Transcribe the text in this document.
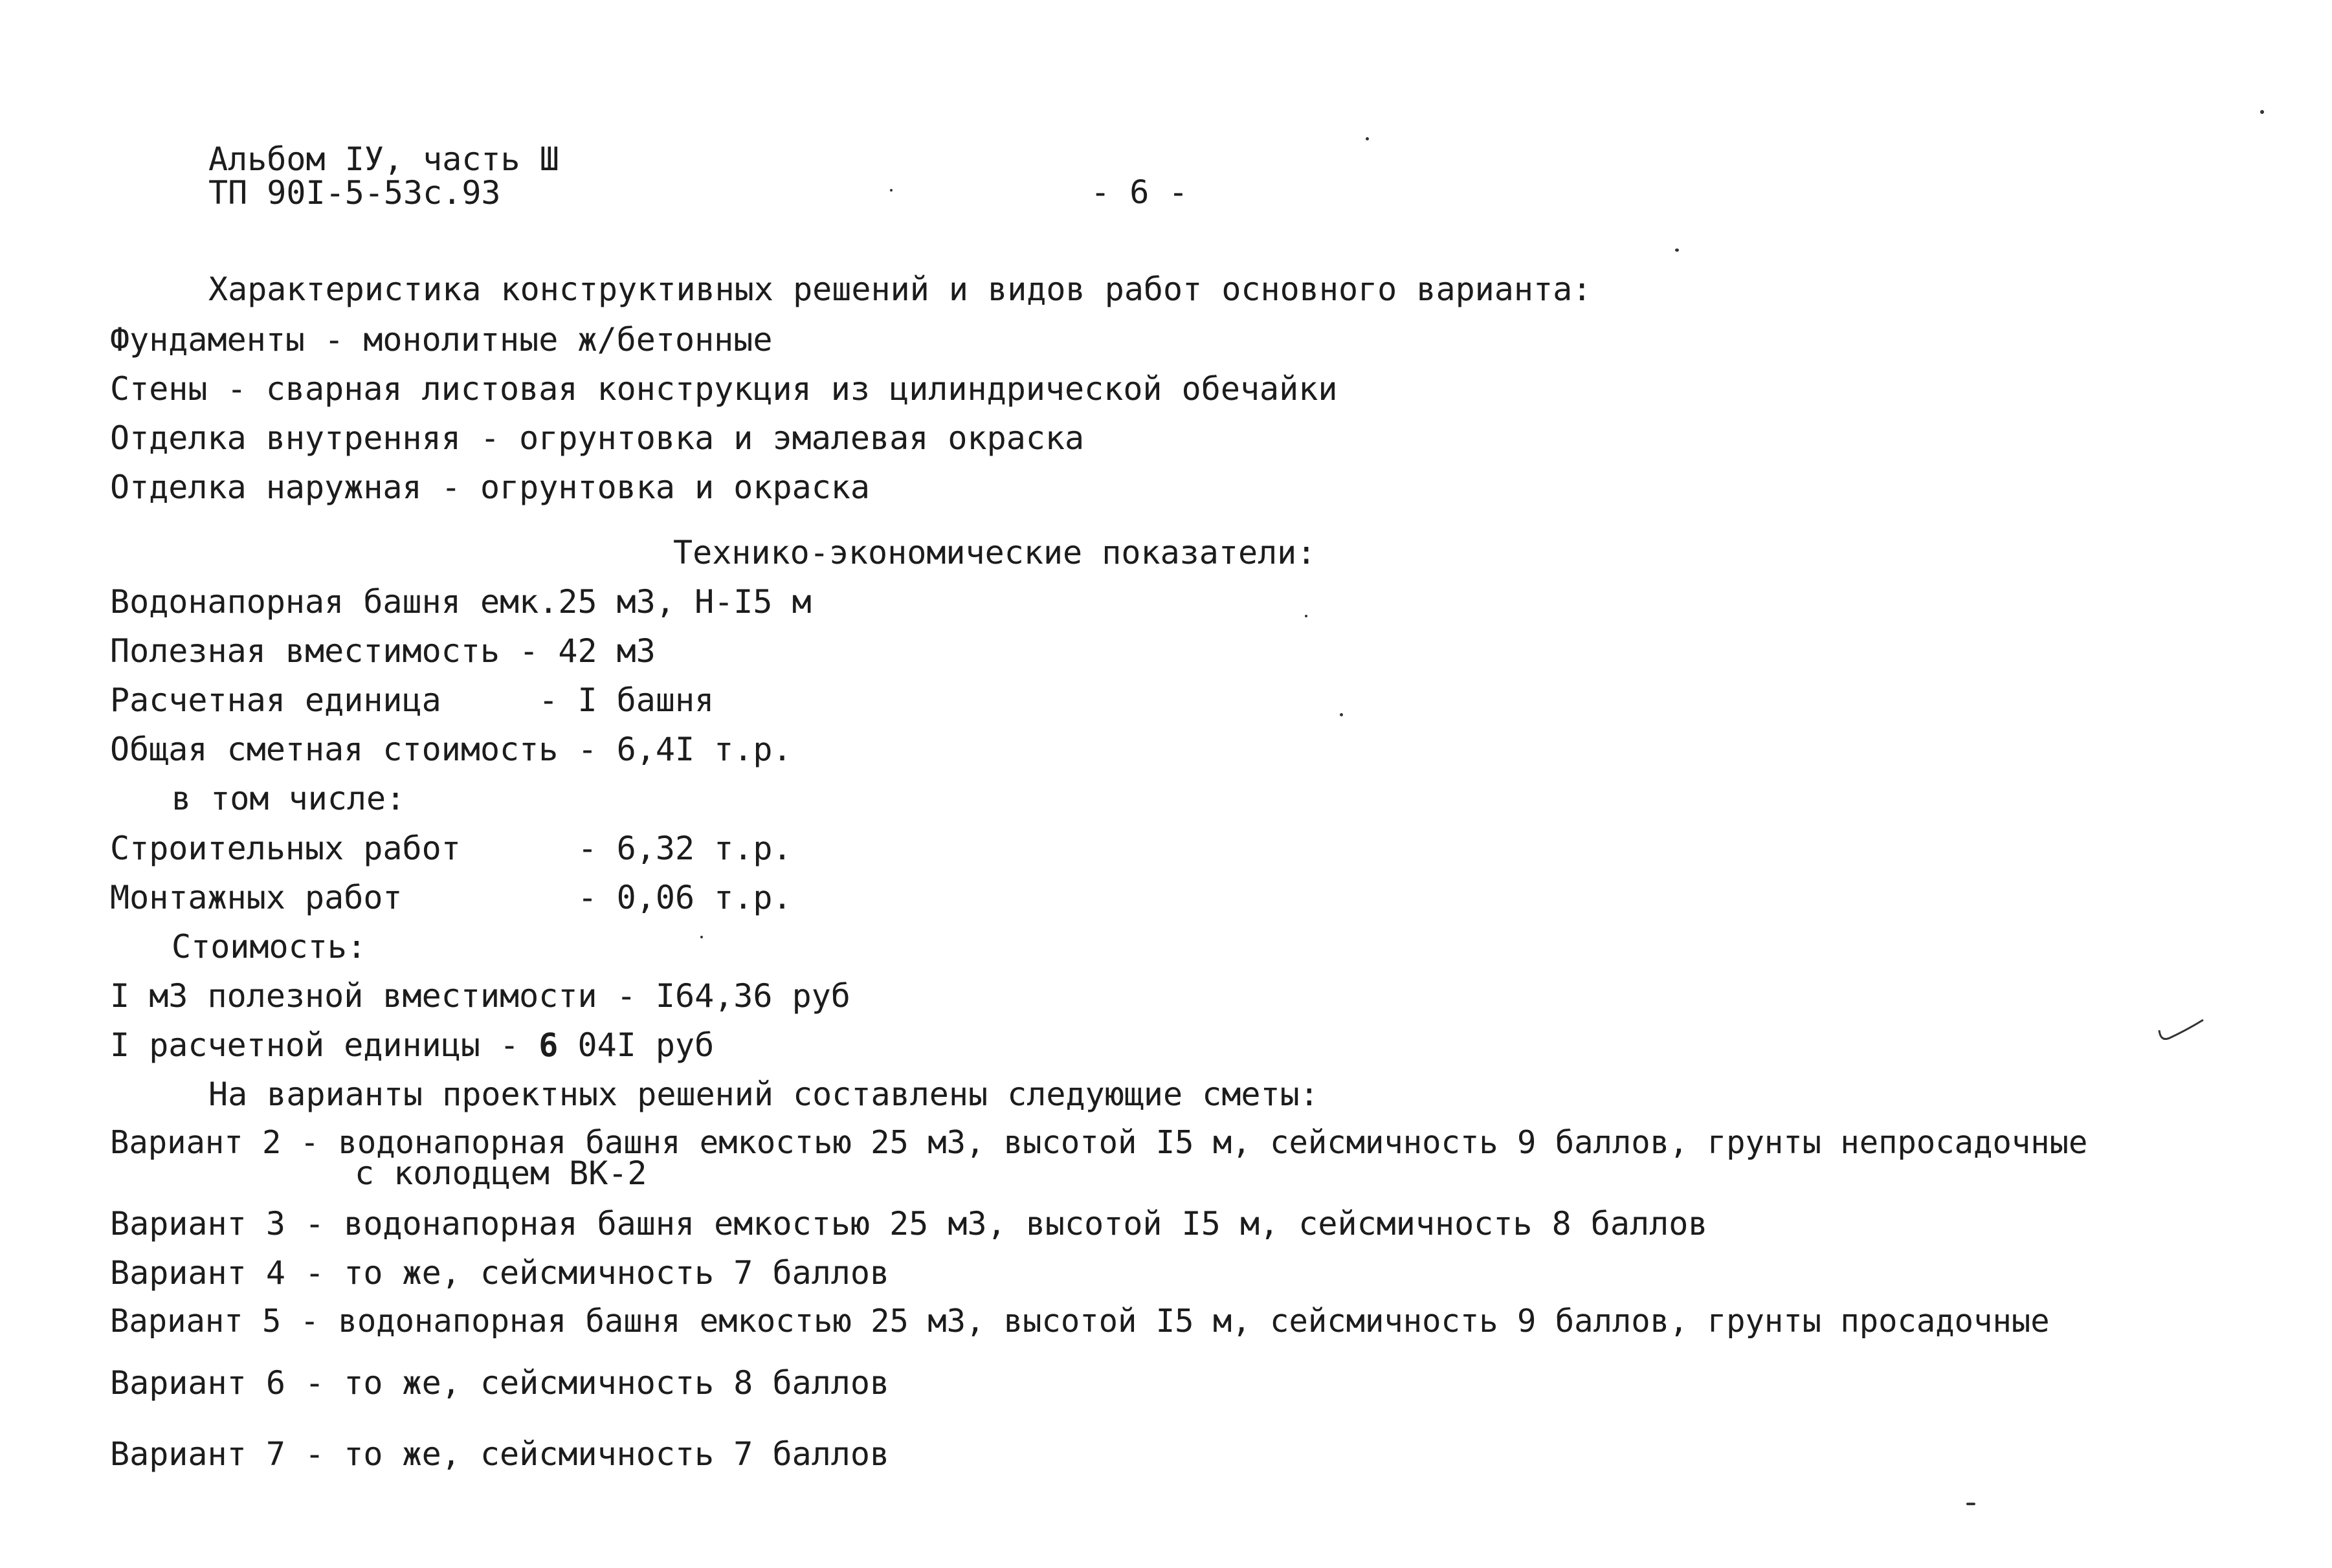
Альбом IУ, часть Ш
ТП 90I-5-53с.93	- 6 -
Характеристика конструктивных решений и видов работ основного варианта:
Фундаменты - монолитные ж/бетонные
Стены - сварная листовая конструкция из цилиндрической обечайки
Отделка внутренняя - огрунтовка и эмалевая окраска
Отделка наружная - огрунтовка и окраска
Технико-экономические показатели:
Водонапорная башня емк.25 м3, Н-I5 м
Полезная вместимость - 42 м3
Расчетная единица     - I башня
Общая сметная стоимость - 6,4I т.р.
в том числе:
Строительных работ      - 6,32 т.р.
Монтажных работ         - 0,06 т.р.
Стоимость:
I м3 полезной вместимости - I64,36 руб
I расчетной единицы - 6 04I руб
На варианты проектных решений составлены следующие сметы:
Вариант 2 - водонапорная башня емкостью 25 м3, высотой I5 м, сейсмичность 9 баллов, грунты непросадочные
с колодцем ВК-2
Вариант 3 - водонапорная башня емкостью 25 м3, высотой I5 м, сейсмичность 8 баллов
Вариант 4 - то же, сейсмичность 7 баллов
Вариант 5 - водонапорная башня емкостью 25 м3, высотой I5 м, сейсмичность 9 баллов, грунты просадочные
Вариант 6 - то же, сейсмичность 8 баллов
Вариант 7 - то же, сейсмичность 7 баллов
